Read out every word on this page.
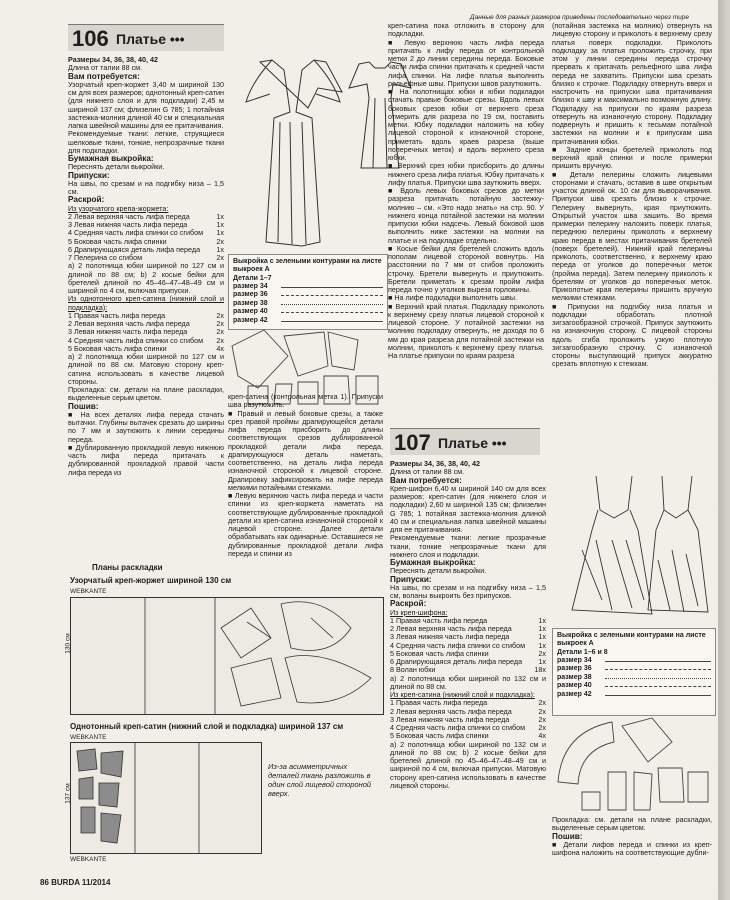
Данные для разных размеров приведены последовательно через тире
106 Платье •••

Размеры 34, 36, 38, 40, 42

Длина от талии 88 см.

Вам потребуется:

Узорчатый креп-жоржет 3,40 м шириной 130 см для всех размеров; однотонный креп-сатин (для нижнего слоя и для подкладки) 2,45 м шириной 137 см; флизелин G 785; 1 потайная застежка-молния длиной 40 см и специальная лапка швейной машины для ее притачивания.

Рекомендуемые ткани: легкие, струящиеся шелковые ткани, тонкие, непрозрачные ткани для подкладки.

Бумажная выкройка:

Переснять детали выкройки.

Припуски:

На швы, по срезам и на подгибку низа – 1,5 см.

Раскрой:

Из узорчатого крепа-жоржета:

2 Левая верхняя часть лифа переда	1x
3 Левая нижняя часть лифа переда	1x
4 Средняя часть лифа спинки со сгибом 1x
5 Боковая часть лифа спинки	2x
6 Драпирующаяся деталь лифа переда 1x
7 Пелерина со сгибом	2x

а) 2 полотнища юбки шириной по 127 см и длиной по 88 см; b) 2 косые бейки для бретелей длиной по 45–46–47–48–49 см и шириной по 4 см, включая припуски.

Из однотонного креп-сатина (нижний слой и подкладка):

1 Правая часть лифа переда	2x
2 Левая верхняя часть лифа переда	2x
3 Левая нижняя часть лифа переда	2x
4 Средняя часть лифа спинки со сгибом 2x
5 Боковая часть лифа спинки	4x

а) 2 полотнища юбки шириной по 127 см и длиной по 88 см. Матовую сторону креп-сатина использовать в качестве лицевой стороны.

Прокладка: см. детали на плане раскладки, выделенные серым цветом.

Пошив:

■ На всех деталях лифа переда стачать вытачки. Глубины вытачек срезать до ширины по 7 мм и заутюжить к линии середины переда.

■ Дублированную прокладкой левую нижнюю часть лифа переда притачать к дублированной прокладкой правой части лифа переда из

Выкройка с зелеными контурами на листе выкроек А
Детали 1–7
размер 34
размер 36
размер 38
размер 40
размер 42

креп-сатина (контрольная метка 1). Припуски шва разутюжить.

■ Правый и левый боковые срезы, а также срез правой проймы драпирующейся детали лифа переда присборить до длины соответствующих срезов дублированной прокладкой детали лифа переда, драпирующуюся деталь наметать, соответственно, на деталь лифа переда изнаночной стороной к лицевой стороне. Драпировку зафиксировать на лифе переда мелкими потайными стежками.

■ Левую верхнюю часть лифа переда и части спинки из креп-жоржета наметать на соответствующие дублированные прокладкой детали из креп-сатина изнаночной стороной к лицевой стороне. Далее детали обрабатывать как одинарные. Оставшиеся не дублированные прокладкой детали лифа переда и спинки из

Планы раскладки
Узорчатый креп-жоржет шириной 130 см
WEBKANTE
130 см
Однотонный креп-сатин (нижний слой и подкладка) шириной 137 см
WEBKANTE
137 см
WEBKANTE
Из-за асимметричных деталей ткань разложить в один слой лицевой стороной вверх.

креп-сатина пока отложить в сторону для подкладки.

■ Левую верхнюю часть лифа переда притачать к лифу переда от контрольной метки 2 до линии середины переда. Боковые части лифа спинки притачать к средней части лифа спинки. На лифе платья выполнить рельефные швы. Припуски швов разутюжить.

■ На полотнищах юбки и юбки подкладки стачать правые боковые срезы. Вдоль левых боковых срезов юбки от верхнего среза отмерить для разреза по 19 см, поставить метки. Юбку подкладки наложить на юбку лицевой стороной к изнаночной стороне, приметать вдоль краев разреза (выше поперечных меток) и вдоль верхнего среза юбки.

■ Верхний срез юбки присборить до длины нижнего среза лифа платья. Юбку притачать к лифу платья. Припуски шва заутюжить вверх.

■ Вдоль левых боковых срезов до метки разреза притачать потайную застежку-молнию – см. «Это надо знать» на стр. 90. У нижнего конца потайной застежки на молнии припуски юбки надсечь. Левый боковой шов выполнить ниже застежки на молнии на платье и на подкладке отдельно.

■ Косые бейки для бретелей сложить вдоль пополам лицевой стороной вовнутрь. На расстоянии по 7 мм от сгибов проложить строчку. Бретели вывернуть и приутюжить. Бретели приметать к срезам пройм лифа переда точно у уголков выреза горловины.

■ На лифе подкладки выполнить швы.

■ Верхний край платья. Подкладку приколоть к верхнему срезу платья лицевой стороной к лицевой стороне. У потайной застежки на молнию подкладку отвернуть, не доходя по 6 мм до края разреза для потайной застежки на молнии, приколоть к верхнему срезу платья. На платье припуски по краям разреза

(потайная застежка на молнию) отвернуть на лицевую сторону и приколоть к верхнему срезу платья поверх подкладки. Приколоть подкладку за платья проложить строчку, при этом у линии середины переда строчку прервать к притачать рельефного шва лифа переда не захватить. Припуски шва срезать близко к строчке. Подкладку отвернуть вверх и настрочить на припуски шва притачивания близко к шву и максимально возможную длину. Подкладку на припуски по краям разреза отвернуть на изнаночную сторону. Подкладку подвернуть и пришить к тесьмам потайной застежки на молнии и к припускам шва притачивания юбки.

■ Задние концы бретелей приколоть под верхний край спинки и после примерки пришить вручную.

■ Детали пелерины сложить лицевыми сторонами и стачать, оставив в шве открытым участок длиной ок. 10 см для выворачивания. Припуски шва срезать близко к строчке. Пелерину вывернуть, края приутюжить. Открытый участок шва зашить. Во время примерки пелерину наложить поверх платья, переднюю пелерины приколоть к верхнему краю переда в местах притачивания бретелей (поверх бретелей). Нижний край пелерины приколоть, соответственно, к верхнему краю переда от уголков до поперечных меток (пройма переда). Затем пелерину приколоть к бретелям от уголков до поперечных меток. Приколотые края пелерины пришить вручную мелкими стежками.

■ Припуски на подгибку низа платья и подкладки обработать плотной зигзагообразной строчкой. Припуск заутюжить на изнаночную сторону. С лицевой стороны вдоль сгиба проложить узкую плотную зигзагообразную строчку. С изнаночной стороны выступающий припуск аккуратно срезать вплотную к стежкам.

107 Платье •••

Размеры 34, 36, 38, 40, 42

Длина от талии 88 см.

Вам потребуется:

Креп-шифон 6,40 м шириной 140 см для всех размеров; креп-сатин (для нижнего слоя и подкладки) 2,60 м шириной 135 см; флизелин G 785; 1 потайная застежка-молния длиной 40 см и специальная лапка швейной машины для ее притачивания.

Рекомендуемые ткани: легкие прозрачные ткани, тонкие непрозрачные ткани для нижнего слоя и подкладки.

Бумажная выкройка:

Переснять детали выкройки.

Припуски:

На швы, по срезам и на подгибку низа – 1,5 см, воланы выкроить без припусков.

Раскрой:

Из креп-шифона:

1 Правая часть лифа переда	1x
2 Левая верхняя часть лифа переда	1x
3 Левая нижняя часть лифа переда	1x
4 Средняя часть лифа спинки со сгибом 1x
5 Боковая часть лифа спинки	2x
6 Драпирующаяся деталь лифа переда 1x
8 Волан юбки	18x

а) 2 полотнища юбки шириной по 132 см и длиной по 88 см.

Из креп-сатина (нижний слой и подкладка):

1 Правая часть лифа переда	2x
2 Левая верхняя часть лифа переда	2x
3 Левая нижняя часть лифа переда	2x
4 Средняя часть лифа спинки со сгибом 2x
5 Боковая часть лифа спинки	4x

а) 2 полотнища юбки шириной по 132 см и длиной по 88 см; b) 2 косые бейки для бретелей длиной по 45–46–47–48–49 см и шириной по 4 см, включая припуски. Матовую сторону креп-сатина использовать в качестве лицевой стороны.

Выкройка с зелеными контурами на листе выкроек А
Детали 1–6 и 8
размер 34
размер 36
размер 38
размер 40
размер 42

Прокладка: см. детали на плане раскладки, выделенные серым цветом.

Пошив:

■ Детали лифов переда и спинки из креп-шифона наложить на соответствующие дубли-

86 BURDA 11/2014
